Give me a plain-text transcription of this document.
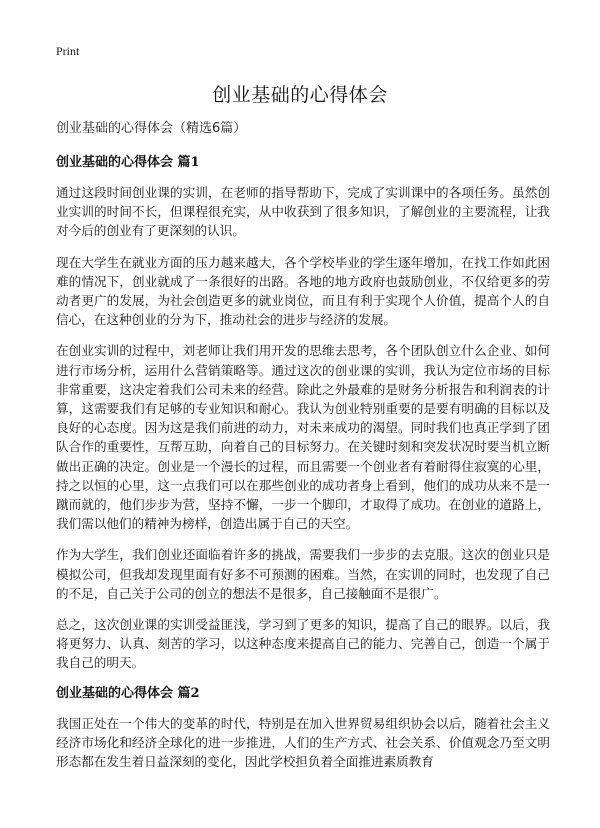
Print
创业基础的心得体会

创业基础的心得体会（精选6篇）

创业基础的心得体会 篇1

通过这段时间创业课的实训，在老师的指导帮助下，完成了实训课中的各项任务。虽然创业实训的时间不长，但课程很充实，从中收获到了很多知识，了解创业的主要流程，让我对今后的创业有了更深刻的认识。

现在大学生在就业方面的压力越来越大，各个学校毕业的学生逐年增加，在找工作如此困难的情况下，创业就成了一条很好的出路。各地的地方政府也鼓励创业，不仅给更多的劳动者更广的发展，为社会创造更多的就业岗位，而且有利于实现个人价值，提高个人的自信心，在这种创业的分为下，推动社会的进步与经济的发展。

在创业实训的过程中，刘老师让我们用开发的思维去思考，各个团队创立什么企业、如何进行市场分析，运用什么营销策略等。通过这次的创业课的实训，我认为定位市场的目标非常重要，这决定着我们公司未来的经营。除此之外最难的是财务分析报告和利润表的计算，这需要我们有足够的专业知识和耐心。我认为创业特别重要的是要有明确的目标以及良好的心态度。因为这是我们前进的动力，对未来成功的渴望。同时我们也真正学到了团队合作的重要性，互帮互助，向着自己的目标努力。在关键时刻和突发状况时要当机立断做出正确的决定。创业是一个漫长的过程，而且需要一个创业者有着耐得住寂寞的心里，持之以恒的心里，这一点我们可以在那些创业的成功者身上看到，他们的成功从来不是一蹴而就的，他们步步为营，坚持不懈，一步一个脚印，才取得了成功。在创业的道路上，我们需以他们的精神为榜样，创造出属于自己的天空。

作为大学生，我们创业还面临着许多的挑战，需要我们一步步的去克服。这次的创业只是模拟公司，但我却发现里面有好多不可预测的困难。当然，在实训的同时，也发现了自己的不足，自己关于公司的创立的想法不是很多，自己接触面不是很广。

总之，这次创业课的实训受益匪浅，学习到了更多的知识，提高了自己的眼界。以后，我将更努力、认真、刻苦的学习，以这种态度来提高自己的能力、完善自己，创造一个属于我自己的明天。

创业基础的心得体会 篇2

我国正处在一个伟大的变革的时代，特别是在加入世界贸易组织协会以后，随着社会主义经济市场化和经济全球化的进一步推进，人们的生产方式、社会关系、价值观念乃至文明形态都在发生着日益深刻的变化，因此学校担负着全面推进素质教育
